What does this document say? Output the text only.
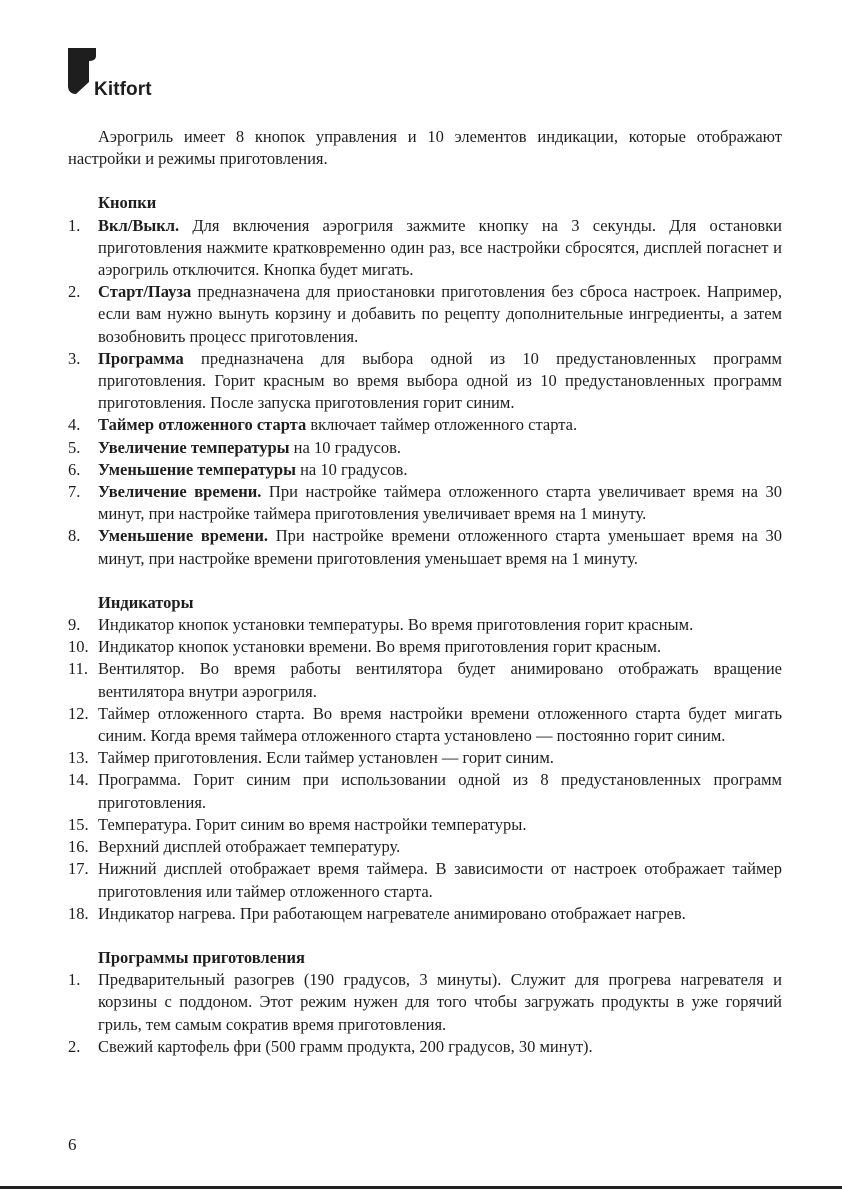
Kitfort

Аэрогриль имеет 8 кнопок управления и 10 элементов индикации, которые отображают настройки и режимы приготовления.

Кнопки
1. Вкл/Выкл. Для включения аэрогриля зажмите кнопку на 3 секунды. Для остановки приготовления нажмите кратковременно один раз, все настройки сбросятся, дисплей погаснет и аэрогриль отключится. Кнопка будет мигать.
2. Старт/Пауза предназначена для приостановки приготовления без сброса настроек. Например, если вам нужно вынуть корзину и добавить по рецепту дополнительные ингредиенты, а затем возобновить процесс приготовления.
3. Программа предназначена для выбора одной из 10 предустановленных программ приготовления. Горит красным во время выбора одной из 10 предустановленных программ приготовления. После запуска приготовления горит синим.
4. Таймер отложенного старта включает таймер отложенного старта.
5. Увеличение температуры на 10 градусов.
6. Уменьшение температуры на 10 градусов.
7. Увеличение времени. При настройке таймера отложенного старта увеличивает время на 30 минут, при настройке таймера приготовления увеличивает время на 1 минуту.
8. Уменьшение времени. При настройке времени отложенного старта уменьшает время на 30 минут, при настройке времени приготовления уменьшает время на 1 минуту.
Индикаторы
9. Индикатор кнопок установки температуры. Во время приготовления горит красным.
10. Индикатор кнопок установки времени. Во время приготовления горит красным.
11. Вентилятор. Во время работы вентилятора будет анимировано отображать вращение вентилятора внутри аэрогриля.
12. Таймер отложенного старта. Во время настройки времени отложенного старта будет мигать синим. Когда время таймера отложенного старта установлено — постоянно горит синим.
13. Таймер приготовления. Если таймер установлен — горит синим.
14. Программа. Горит синим при использовании одной из 8 предустановленных программ приготовления.
15. Температура. Горит синим во время настройки температуры.
16. Верхний дисплей отображает температуру.
17. Нижний дисплей отображает время таймера. В зависимости от настроек отображает таймер приготовления или таймер отложенного старта.
18. Индикатор нагрева. При работающем нагревателе анимировано отображает нагрев.
Программы приготовления
1. Предварительный разогрев (190 градусов, 3 минуты). Служит для прогрева нагревателя и корзины с поддоном. Этот режим нужен для того чтобы загружать продукты в уже горячий гриль, тем самым сократив время приготовления.
2. Свежий картофель фри (500 грамм продукта, 200 градусов, 30 минут).
6
